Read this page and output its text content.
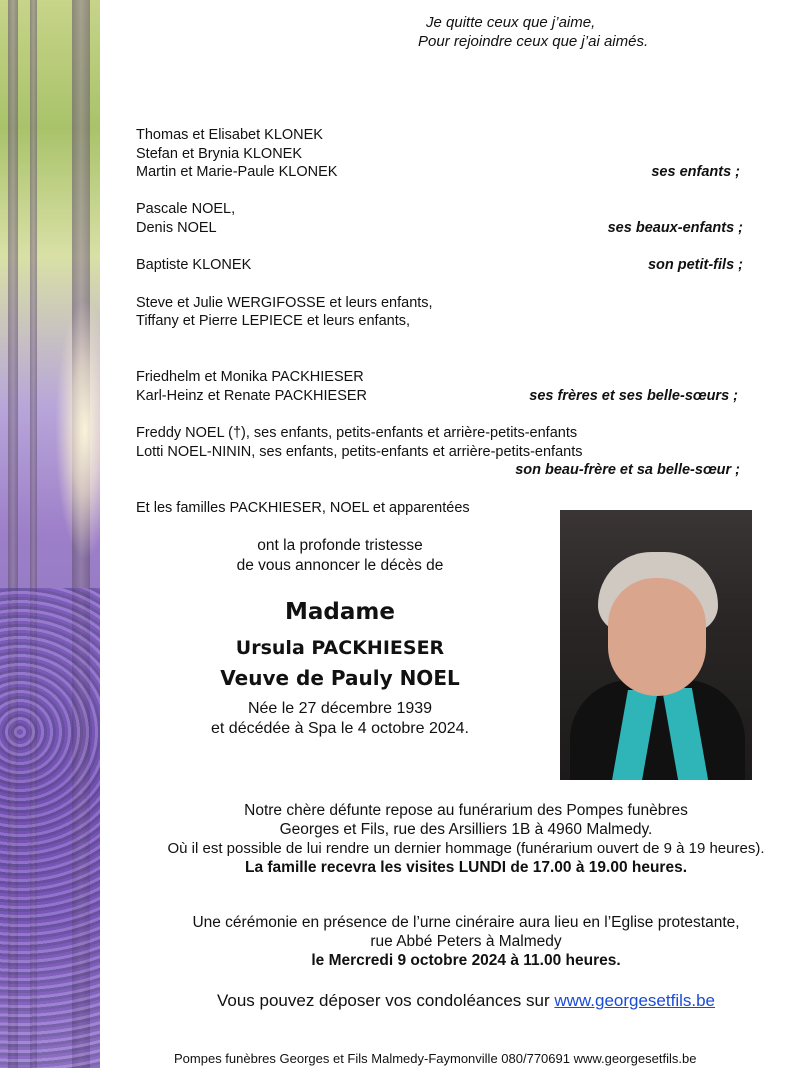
Je quitte ceux que j’aime,
Pour rejoindre ceux que j’ai aimés.
Thomas et Elisabet KLONEK
Stefan et Brynia KLONEK
Martin et Marie-Paule KLONEK	ses enfants ;
Pascale NOEL,
Denis NOEL	ses beaux-enfants ;
Baptiste KLONEK	son petit-fils ;
Steve et Julie WERGIFOSSE et leurs enfants,
Tiffany et Pierre LEPIECE et leurs enfants,
Friedhelm et Monika PACKHIESER
Karl-Heinz et Renate PACKHIESER	ses frères et ses belle-sœurs ;
Freddy NOEL (†), ses enfants, petits-enfants et arrière-petits-enfants
Lotti NOEL-NININ, ses enfants, petits-enfants et arrière-petits-enfants
son beau-frère et sa belle-sœur ;
Et les familles PACKHIESER, NOEL et apparentées
ont la profonde tristesse
de vous annoncer le décès de
Madame
Ursula PACKHIESER
Veuve de Pauly NOEL
Née le 27 décembre 1939
et décédée à Spa le 4 octobre 2024.
Notre chère défunte repose au funérarium des Pompes funèbres
Georges et Fils, rue des Arsilliers 1B à 4960 Malmedy.
Où il est possible de lui rendre un dernier hommage (funérarium ouvert de 9 à 19 heures).
La famille recevra les visites LUNDI de 17.00 à 19.00 heures.
Une cérémonie en présence de l’urne cinéraire aura lieu en l’Eglise protestante,
rue Abbé Peters à Malmedy
le Mercredi 9 octobre 2024 à 11.00 heures.
Vous pouvez déposer vos condoléances sur www.georgesetfils.be
Pompes funèbres Georges et Fils Malmedy-Faymonville 080/770691 www.georgesetfils.be
